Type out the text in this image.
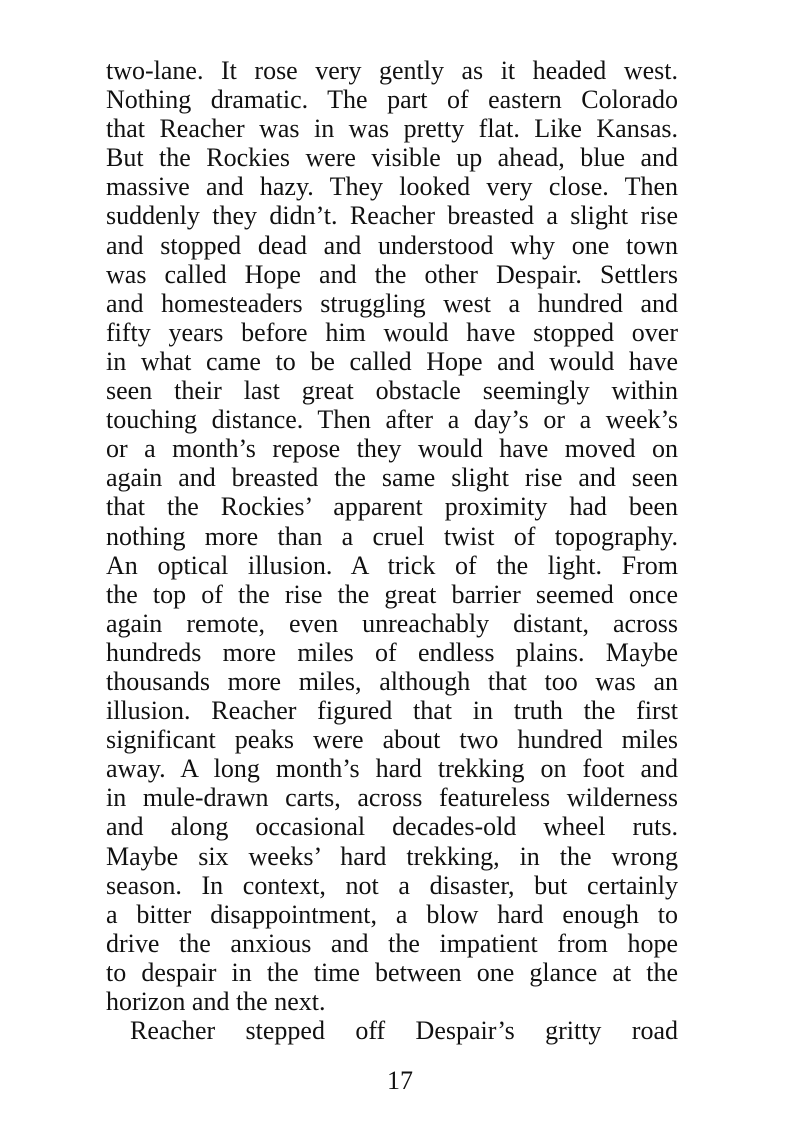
two-lane. It rose very gently as it headed west.
Nothing dramatic. The part of eastern Colorado
that Reacher was in was pretty flat. Like Kansas.
But the Rockies were visible up ahead, blue and
massive and hazy. They looked very close. Then
suddenly they didn’t. Reacher breasted a slight rise
and stopped dead and understood why one town
was called Hope and the other Despair. Settlers
and homesteaders struggling west a hundred and
fifty years before him would have stopped over
in what came to be called Hope and would have
seen their last great obstacle seemingly within
touching distance. Then after a day’s or a week’s
or a month’s repose they would have moved on
again and breasted the same slight rise and seen
that the Rockies’ apparent proximity had been
nothing more than a cruel twist of topography.
An optical illusion. A trick of the light. From
the top of the rise the great barrier seemed once
again remote, even unreachably distant, across
hundreds more miles of endless plains. Maybe
thousands more miles, although that too was an
illusion. Reacher figured that in truth the first
significant peaks were about two hundred miles
away. A long month’s hard trekking on foot and
in mule-drawn carts, across featureless wilderness
and along occasional decades-old wheel ruts.
Maybe six weeks’ hard trekking, in the wrong
season. In context, not a disaster, but certainly
a bitter disappointment, a blow hard enough to
drive the anxious and the impatient from hope
to despair in the time between one glance at the
horizon and the next.
Reacher stepped off Despair’s gritty road
17
